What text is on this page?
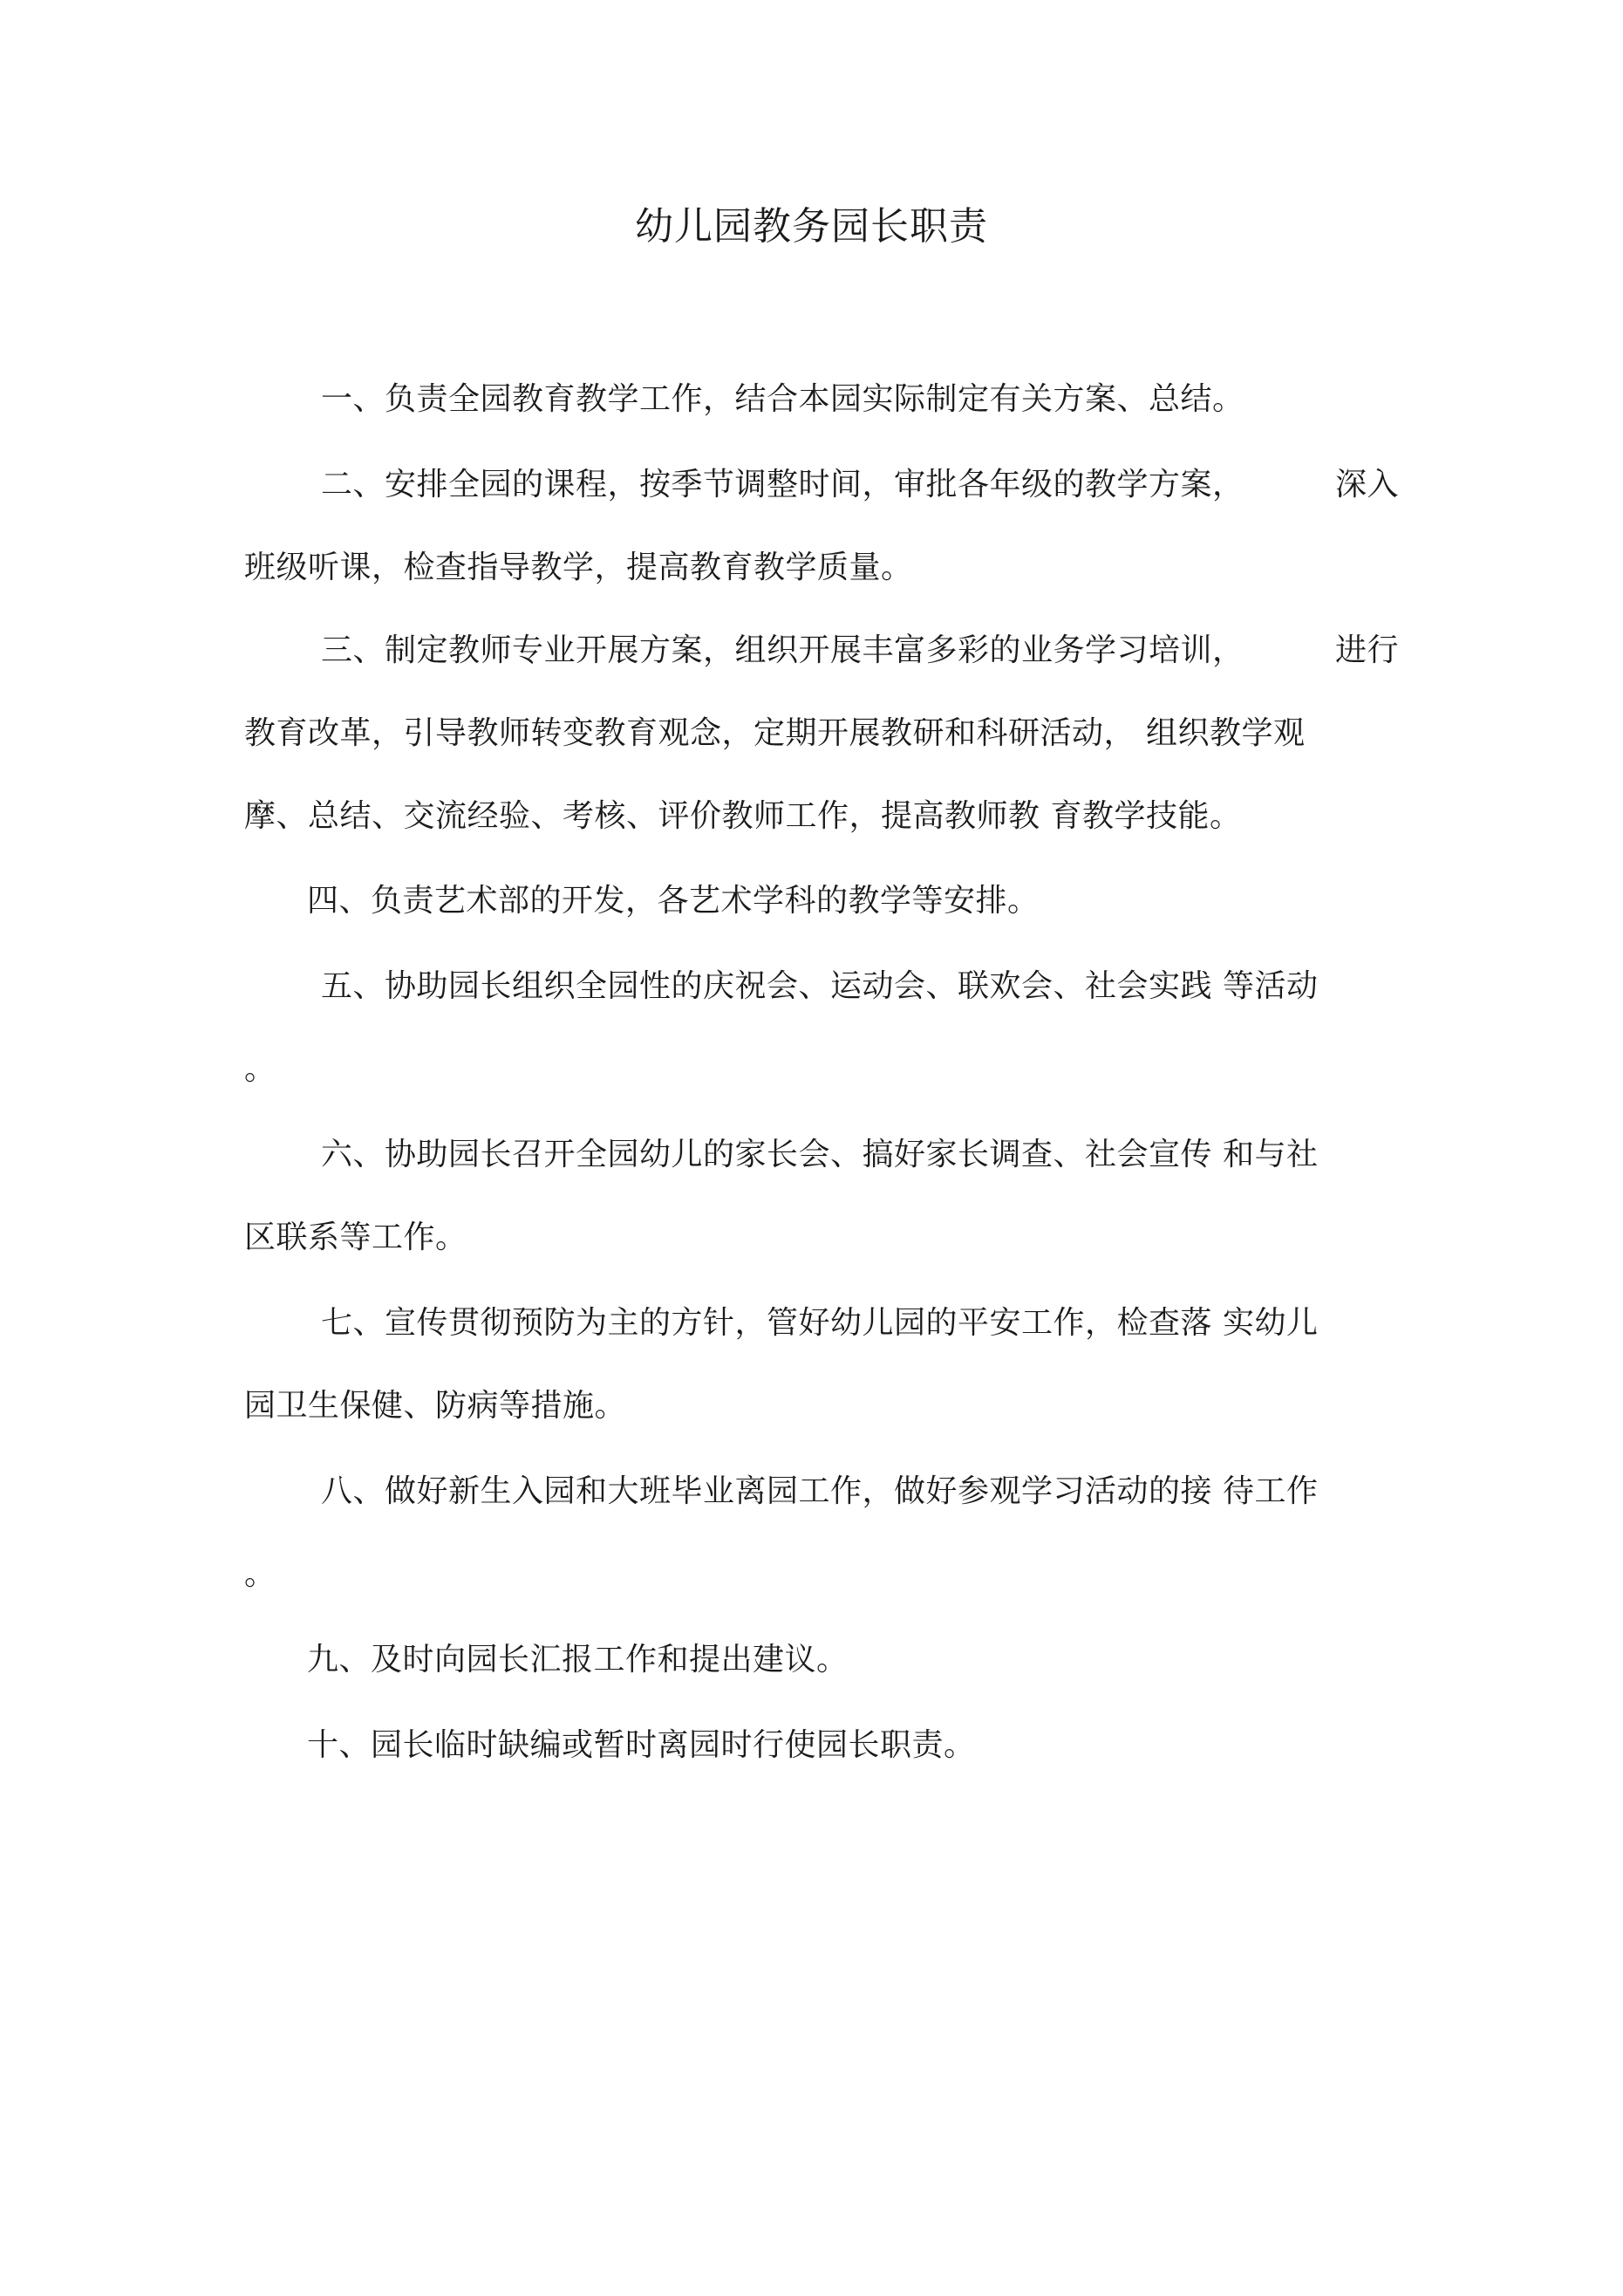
幼儿园教务园长职责
一、负责全园教育教学工作，结合本园实际制定有关方案、总结。
二、安排全园的课程，按季节调整时间，审批各年级的教学方案，	深入
班级听课，检查指导教学，提高教育教学质量。
三、制定教师专业开展方案，组织开展丰富多彩的业务学习培训，	进行
教育改革，引导教师转变教育观念，定期开展教研和科研活动， 组织教学观
摩、总结、交流经验、考核、评价教师工作，提高教师教 育教学技能。
四、负责艺术部的开发，各艺术学科的教学等安排。
五、协助园长组织全园性的庆祝会、运动会、联欢会、社会实践 等活动
。
六、协助园长召开全园幼儿的家长会、搞好家长调查、社会宣传 和与社
区联系等工作。
七、宣传贯彻预防为主的方针，管好幼儿园的平安工作，检查落 实幼儿
园卫生保健、防病等措施。
八、做好新生入园和大班毕业离园工作，做好参观学习活动的接 待工作
。
九、及时向园长汇报工作和提出建议。
十、园长临时缺编或暂时离园时行使园长职责。
